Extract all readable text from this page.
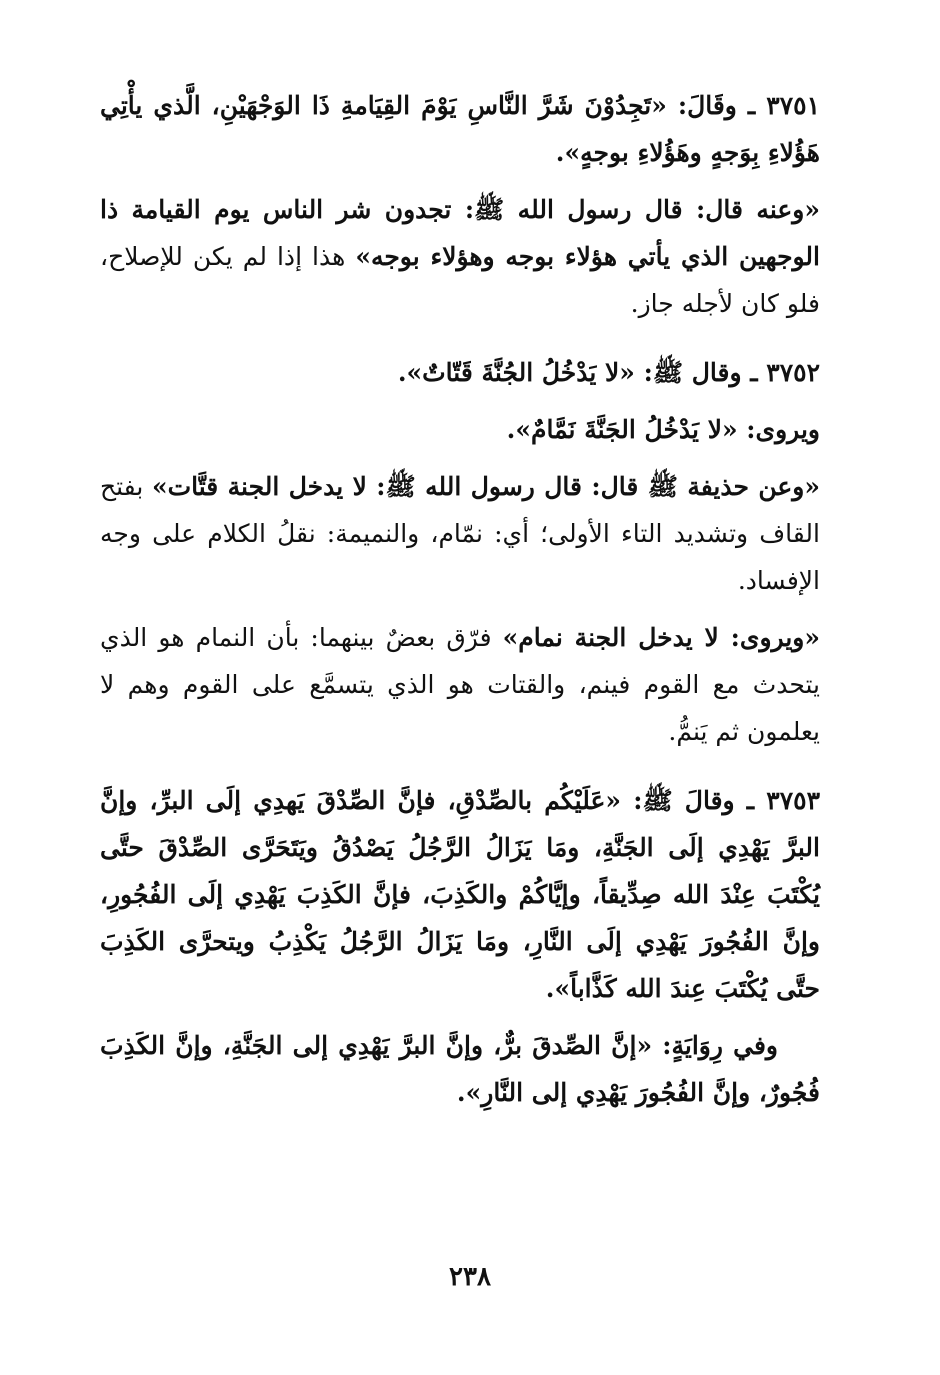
٣٧٥١ ـ وقَالَ: «تَجِدُوْنَ شَرَّ النَّاسِ يَوْمَ القِيَامةِ ذَا الوَجْهَيْنِ، الَّذي يأْتِي هَؤُلاءِ بِوَجهٍ وهَؤُلاءِ بوجهٍ».

«وعنه قال: قال رسول الله ﷺ: تجدون شر الناس يوم القيامة ذا الوجهين الذي يأتي هؤلاء بوجه وهؤلاء بوجه» هذا إذا لم يكن للإصلاح، فلو كان لأجله جاز.

٣٧٥٢ ـ وقال ﷺ: «لا يَدْخُلُ الجُنَّةَ قَتّاتٌ».

ويروى: «لا يَدْخُلُ الجَنَّةَ نَمَّامٌ».

«وعن حذيفة ﷺ قال: قال رسول الله ﷺ: لا يدخل الجنة قتَّات» بفتح القاف وتشديد التاء الأولى؛ أي: نمّام، والنميمة: نقلُ الكلام على وجه الإفساد.

«ويروى: لا يدخل الجنة نمام» فرّق بعضٌ بينهما: بأن النمام هو الذي يتحدث مع القوم فينم، والقتات هو الذي يتسمَّع على القوم وهم لا يعلمون ثم يَنمُّ.

٣٧٥٣ ـ وقالَ ﷺ: «عَلَيْكُم بالصِّدْقِ، فإنَّ الصِّدْقَ يَهدِي إلَى البرِّ، وإنَّ البرَّ يَهْدِي إلَى الجَنَّةِ، ومَا يَزَالُ الرَّجُلُ يَصْدُقُ ويَتَحَرَّى الصِّدْقَ حتَّى يُكْتَبَ عِنْدَ الله صِدِّيقاً، وإيَّاكُمْ والكَذِبَ، فإنَّ الكَذِبَ يَهْدِي إلَى الفُجُورِ، وإنَّ الفُجُورَ يَهْدِي إلَى النَّارِ، ومَا يَزَالُ الرَّجُلُ يَكْذِبُ ويتحرَّى الكَذِبَ حتَّى يُكْتَبَ عِندَ الله كَذَّاباً».

وفي رِوَايَةٍ: «إنَّ الصِّدقَ برٌّ، وإنَّ البرَّ يَهْدِي إلى الجَنَّةِ، وإنَّ الكَذِبَ فُجُورٌ، وإنَّ الفُجُورَ يَهْدِي إلى النَّارِ».

٢٣٨
